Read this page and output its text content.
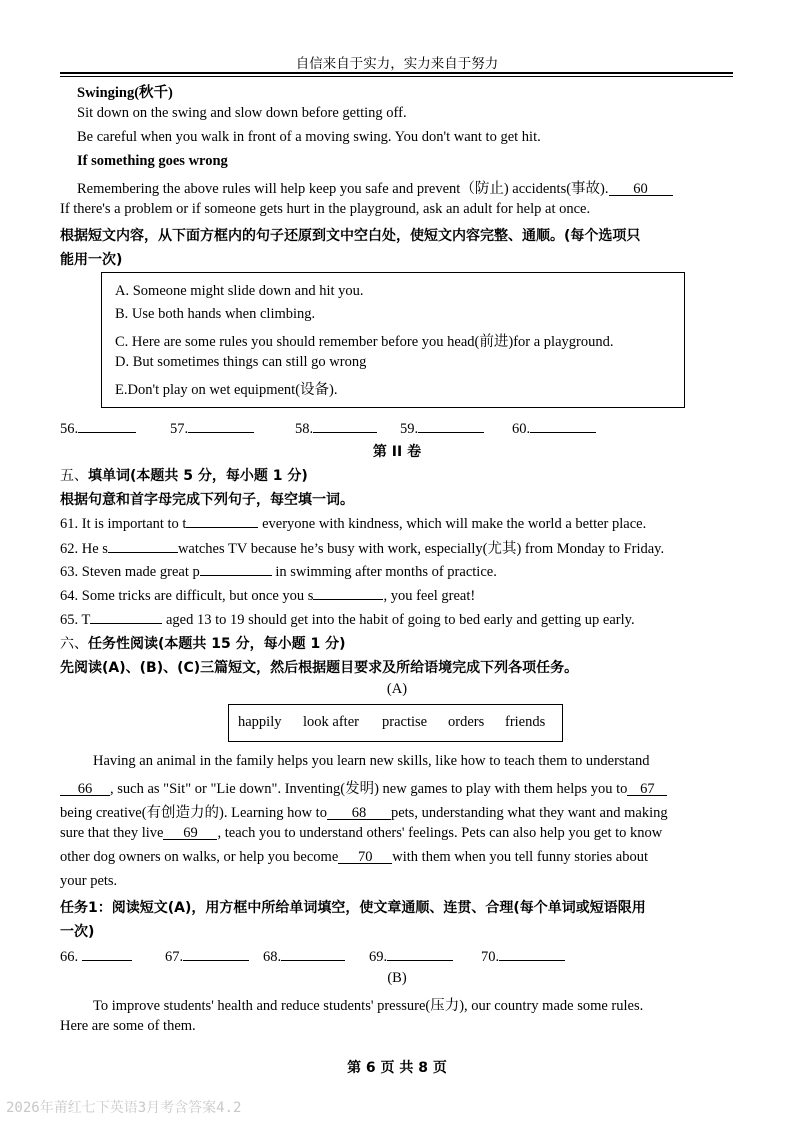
自信来自于实力，实力来自于努力
Swinging(秋千)
Sit down on the swing and slow down before getting off.
Be careful when you walk in front of a moving swing. You don't want to get hit.
If something goes wrong
Remembering the above rules will help keep you safe and prevent（防止) accidents(事故). 60
If there's a problem or if someone gets hurt in the playground, ask an adult for help at once.
根据短文内容，从下面方框内的句子还原到文中空白处，使短文内容完整、通顺。(每个选项只
能用一次)
A. Someone might slide down and hit you.
B. Use both hands when climbing.
C. Here are some rules you should remember before you head(前进)for a playground.
D. But sometimes things can still go wrong
E.Don't play on wet equipment(设备).
56.	57.	58.	59.	60.
第 II 卷
五、填单词(本题共 5 分，每小题 1 分)
根据句意和首字母完成下列句子，每空填一词。
61. It is important to t	everyone with kindness, which will make the world a better place.
62. He s	watches TV because he’s busy with work, especially(尤其) from Monday to Friday.
63. Steven made great p	in swimming after months of practice.
64. Some tricks are difficult, but once you s	, you feel great!
65. T	aged 13 to 19 should get into the habit of going to bed early and getting up early.
六、任务性阅读(本题共 15 分，每小题 1 分)
先阅读(A)、(B)、(C)三篇短文，然后根据题目要求及所给语境完成下列各项任务。
(A)
happily look after practise orders friends
Having an animal in the family helps you learn new skills, like how to teach them to understand
66 , such as "Sit" or "Lie down". Inventing(发明) new games to play with them helps you to 67
being creative(有创造力的). Learning how to 68 pets, understanding what they want and making
sure that they live 69 , teach you to understand others' feelings. Pets can also help you get to know
other dog owners on walks, or help you become 70 with them when you tell funny stories about
your pets.
任务1：阅读短文(A)，用方框中所给单词填空，使文章通顺、连贯、合理(每个单词或短语限用
一次)
66.	67.	68.	69.	70.
(B)
To improve students' health and reduce students' pressure(压力), our country made some rules.
Here are some of them.
第 6 页 共 8 页
2026年莆红七下英语3月考含答案4.2
